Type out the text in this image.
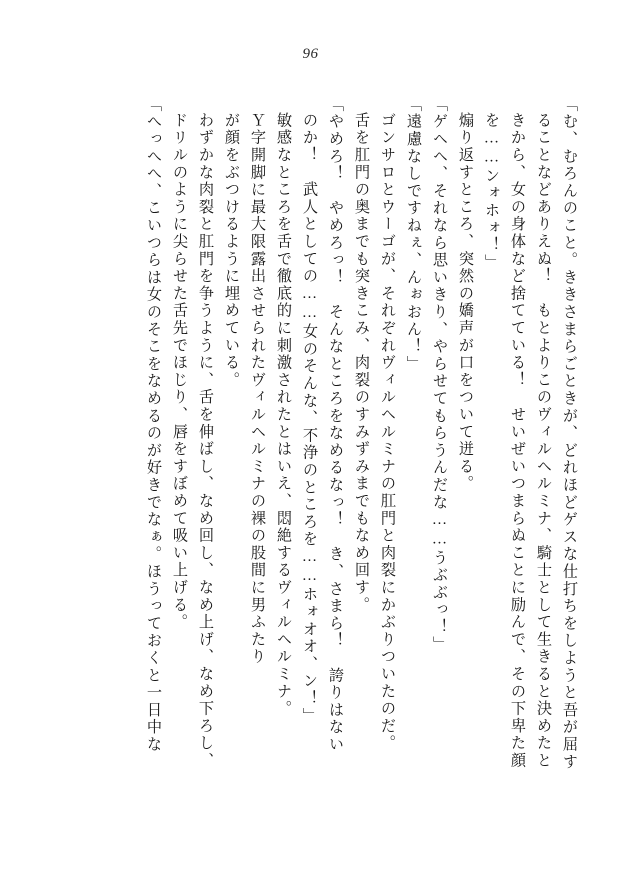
96
「む、むろんのこと。ききさまらごときが、どれほどゲスな仕打ちをしようと吾が屈す
ることなどありえぬ！　もとよりこのヴィルヘルミナ、騎士として生きると決めたと
きから、女の身体など捨てている！　せいぜいつまらぬことに励んで、その下卑た顔
を……ンォホォ！」
煽り返すところ、突然の嬌声が口をついて迸る。
「ゲヘヘ、それなら思いきり、やらせてもらうんだな……うぶぶっ！」
「遠慮なしですねぇ、んぉおん！」
ゴンサロとウーゴが、それぞれヴィルヘルミナの肛門と肉裂にかぶりついたのだ。
舌を肛門の奥までも突きこみ、肉裂のすみずみまでもなめ回す。
「やめろ！　やめろっ！　そんなところをなめるなっ！　き、さまら！　誇りはない
のか！　武人としての……女のそんな、不浄のところを……ホォオオ、ン！」
敏感なところを舌で徹底的に刺激されたとはいえ、悶絶するヴィルヘルミナ。
Ｙ字開脚に最大限露出させられたヴィルヘルミナの裸の股間に男ふたり
が顔をぶつけるように埋めている。
わずかな肉裂と肛門を争うように、舌を伸ばし、なめ回し、なめ上げ、なめ下ろし、
ドリルのように尖らせた舌先でほじり、唇をすぼめて吸い上げる。
「へっへへ、こいつらは女のそこをなめるのが好きでなぁ。ほうっておくと一日中な
